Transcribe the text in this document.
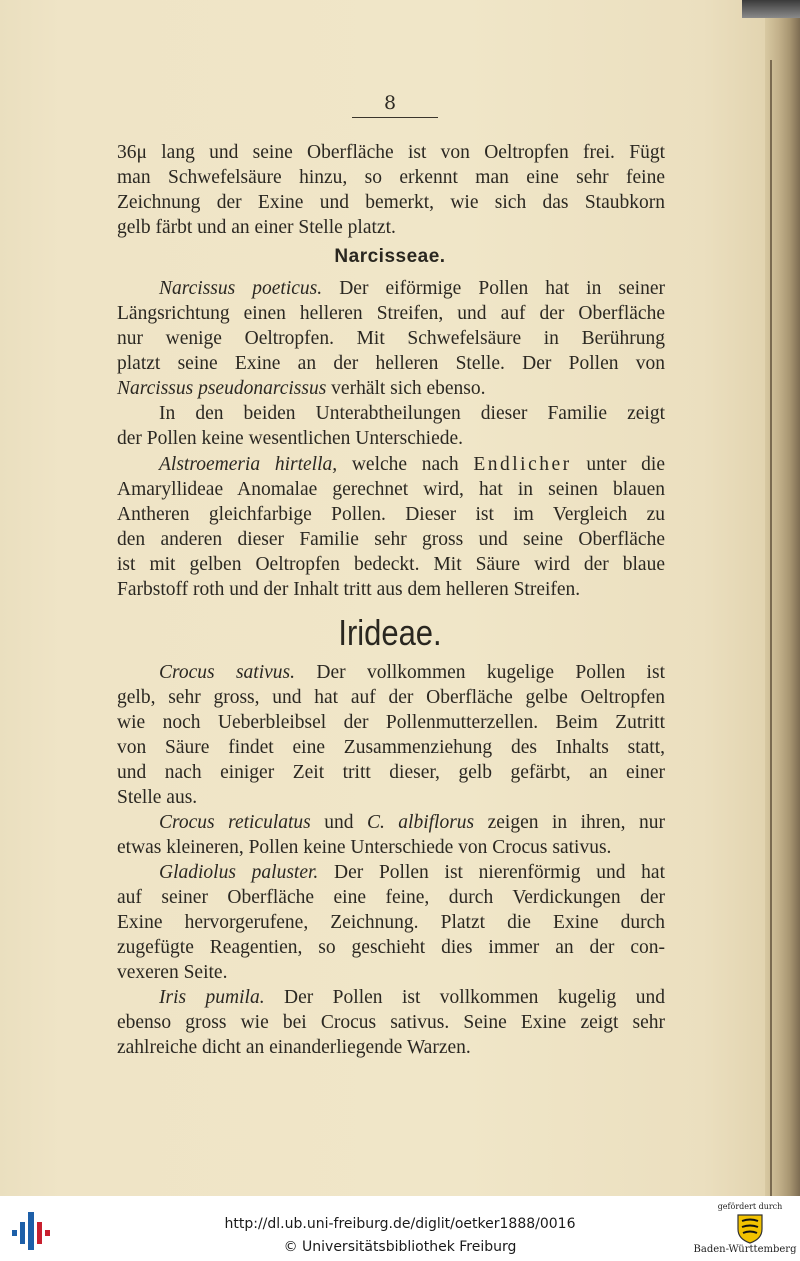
8
36μ lang und seine Oberfläche ist von Oeltropfen frei. Fügt
man Schwefelsäure hinzu, so erkennt man eine sehr feine
Zeichnung der Exine und bemerkt, wie sich das Staubkorn
gelb färbt und an einer Stelle platzt.
Narcisseae.
Narcissus poeticus. Der eiförmige Pollen hat in seiner
Längsrichtung einen helleren Streifen, und auf der Oberfläche
nur wenige Oeltropfen. Mit Schwefelsäure in Berührung
platzt seine Exine an der helleren Stelle. Der Pollen von
Narcissus pseudonarcissus verhält sich ebenso.
In den beiden Unterabtheilungen dieser Familie zeigt
der Pollen keine wesentlichen Unterschiede.
Alstroemeria hirtella, welche nach Endlicher unter die
Amaryllideae Anomalae gerechnet wird, hat in seinen blauen
Antheren gleichfarbige Pollen. Dieser ist im Vergleich zu
den anderen dieser Familie sehr gross und seine Oberfläche
ist mit gelben Oeltropfen bedeckt. Mit Säure wird der blaue
Farbstoff roth und der Inhalt tritt aus dem helleren Streifen.
Irideae.
Crocus sativus. Der vollkommen kugelige Pollen ist
gelb, sehr gross, und hat auf der Oberfläche gelbe Oeltropfen
wie noch Ueberbleibsel der Pollenmutterzellen. Beim Zutritt
von Säure findet eine Zusammenziehung des Inhalts statt,
und nach einiger Zeit tritt dieser, gelb gefärbt, an einer
Stelle aus.
Crocus reticulatus und C. albiflorus zeigen in ihren, nur
etwas kleineren, Pollen keine Unterschiede von Crocus sativus.
Gladiolus paluster. Der Pollen ist nierenförmig und hat
auf seiner Oberfläche eine feine, durch Verdickungen der
Exine hervorgerufene, Zeichnung. Platzt die Exine durch
zugefügte Reagentien, so geschieht dies immer an der con-
vexeren Seite.
Iris pumila. Der Pollen ist vollkommen kugelig und
ebenso gross wie bei Crocus sativus. Seine Exine zeigt sehr
zahlreiche dicht an einanderliegende Warzen.
http://dl.ub.uni-freiburg.de/diglit/oetker1888/0016
© Universitätsbibliothek Freiburg
gefördert durch
Baden-Württemberg
